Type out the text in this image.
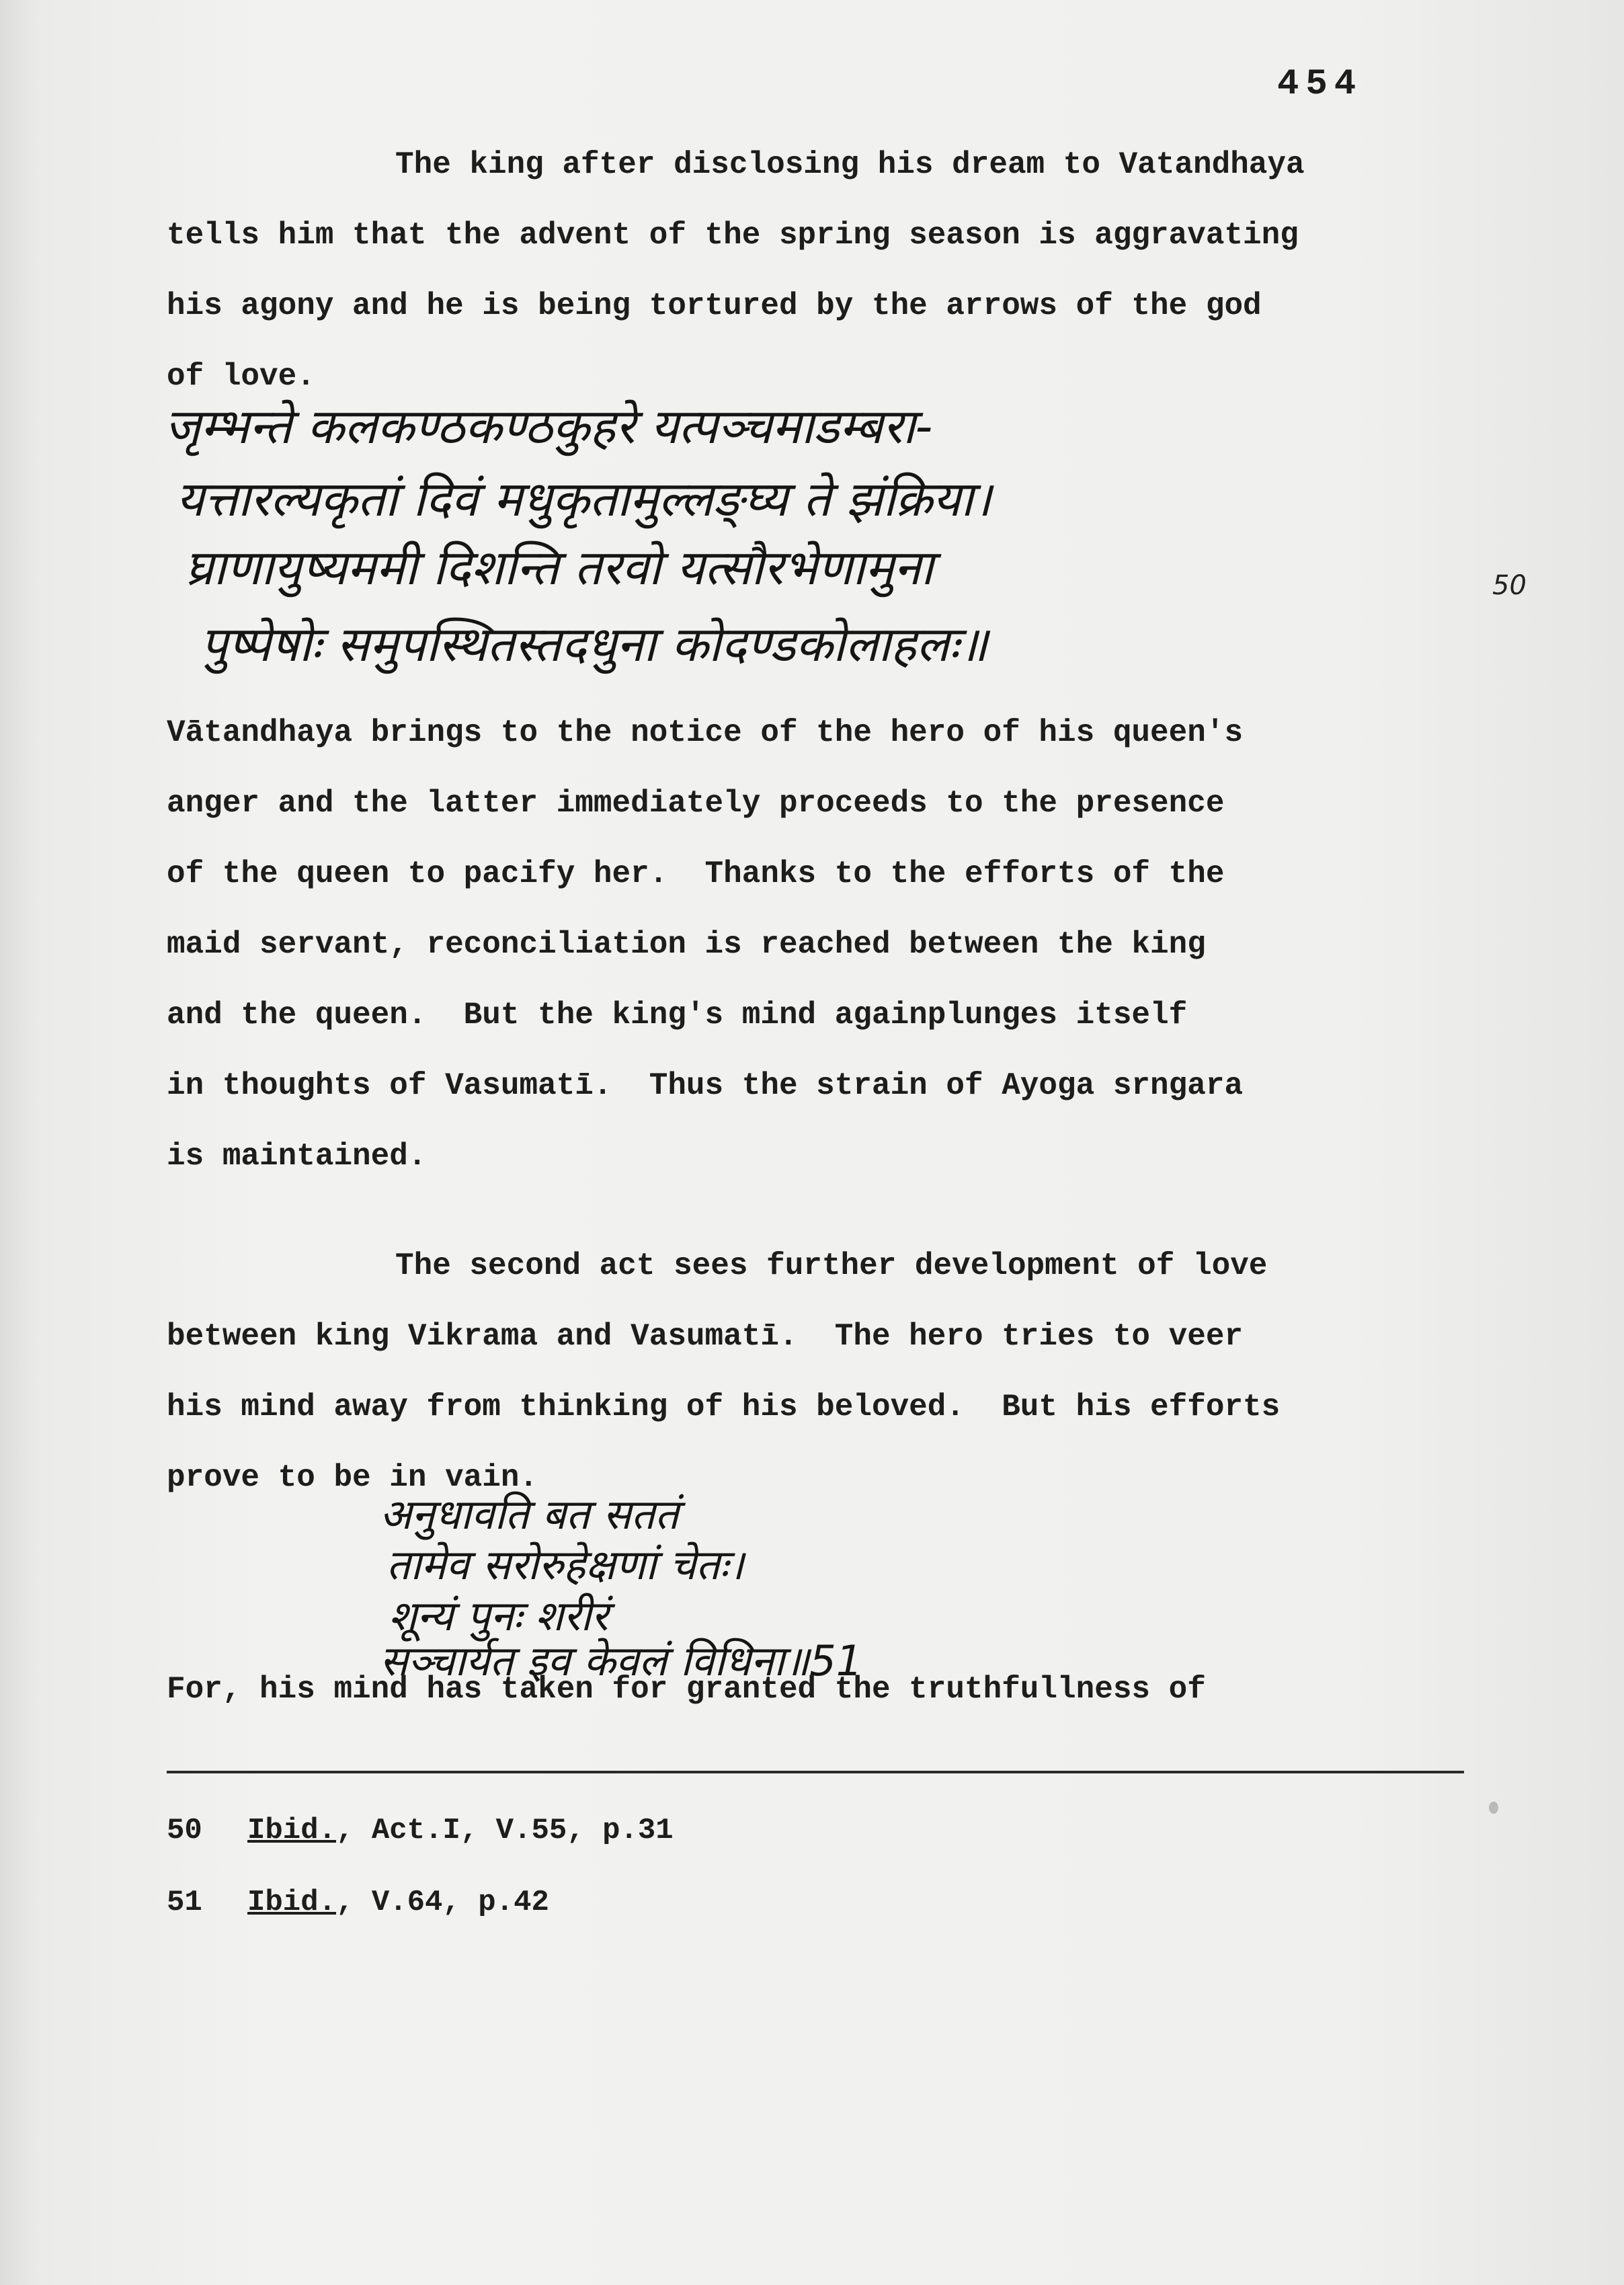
454
The king after disclosing his dream to Vatandhaya
tells him that the advent of the spring season is aggravating
his agony and he is being tortured by the arrows of the god
of love.
जृम्भन्ते कलकण्ठकण्ठकुहरे यत्पञ्चमाडम्बरा-
यत्तारल्यकृतां दिवं मधुकृतामुल्लङ्घ्य ते झंक्रिया।
घ्राणायुष्यममी दिशन्ति तरवो यत्सौरभेणामुना	50
पुष्पेषोः समुपस्थितस्तदधुना कोदण्डकोलाहलः॥
Vātandhaya brings to the notice of the hero of his queen's
anger and the latter immediately proceeds to the presence
of the queen to pacify her.  Thanks to the efforts of the
maid servant, reconciliation is reached between the king
and the queen.  But the king's mind againplunges itself
in thoughts of Vasumatī.  Thus the strain of Ayoga srngara
is maintained.
The second act sees further development of love
between king Vikrama and Vasumatī.  The hero tries to veer
his mind away from thinking of his beloved.  But his efforts
prove to be in vain.
अनुधावति बत सततं
तामेव सरोरुहेक्षणां चेतः।
शून्यं पुनः शरीरं
सञ्चार्यत इव केवलं विधिना॥51
For, his mind has taken for granted the truthfullness of
50 Ibid., Act.I, V.55, p.31
51 Ibid., V.64, p.42
